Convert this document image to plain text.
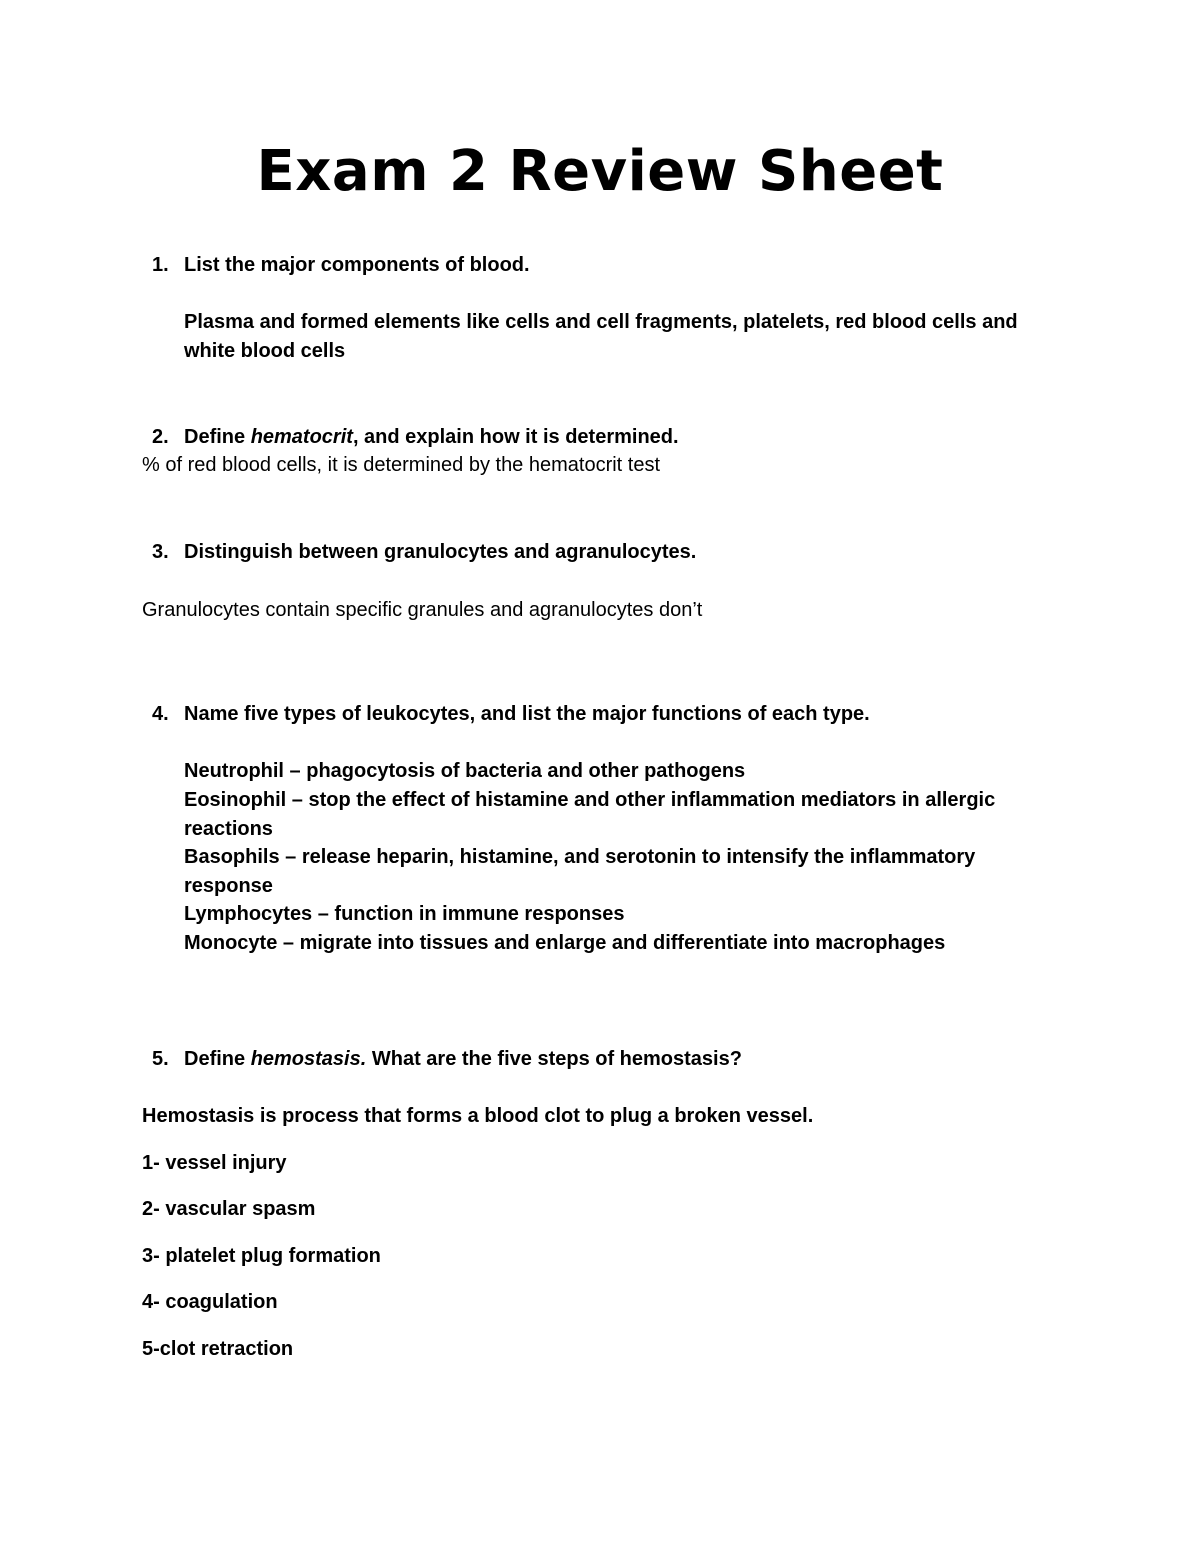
Exam 2 Review Sheet
1. List the major components of blood.
Plasma and formed elements like cells and cell fragments, platelets, red blood cells and
white blood cells
2. Define hematocrit, and explain how it is determined.
% of red blood cells, it is determined by the hematocrit test
3. Distinguish between granulocytes and agranulocytes.
Granulocytes contain specific granules and agranulocytes don’t
4. Name five types of leukocytes, and list the major functions of each type.
Neutrophil – phagocytosis of bacteria and other pathogens
Eosinophil – stop the effect of histamine and other inflammation mediators in allergic
reactions
Basophils – release heparin, histamine, and serotonin to intensify the inflammatory
response
Lymphocytes – function in immune responses
Monocyte – migrate into tissues and enlarge and differentiate into macrophages
5. Define hemostasis. What are the five steps of hemostasis?
Hemostasis is process that forms a blood clot to plug a broken vessel.
1- vessel injury
2- vascular spasm
3- platelet plug formation
4- coagulation
5-clot retraction
